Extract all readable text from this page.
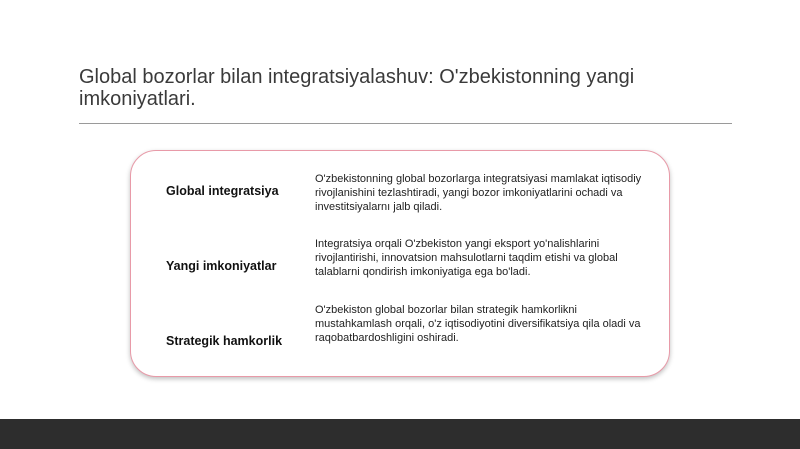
Global bozorlar bilan integratsiyalashuv: O'zbekistonning yangi imkoniyatlari.
Global integratsiya
O'zbekistonning global bozorlarga integratsiyasi mamlakat iqtisodiy rivojlanishini tezlashtiradi, yangi bozor imkoniyatlarini ochadi va investitsiyalarnı jalb qiladi.
Yangi imkoniyatlar
Integratsiya orqali O'zbekiston yangi eksport yo'nalishlarini rivojlantirishi, innovatsion mahsulotlarni taqdim etishi va global talablarni qondirish imkoniyatiga ega bo'ladi.
Strategik hamkorlik
O'zbekiston global bozorlar bilan strategik hamkorlikni mustahkamlash orqali, o'z iqtisodiyotini diversifikatsiya qila oladi va raqobatbardoshligini oshiradi.
